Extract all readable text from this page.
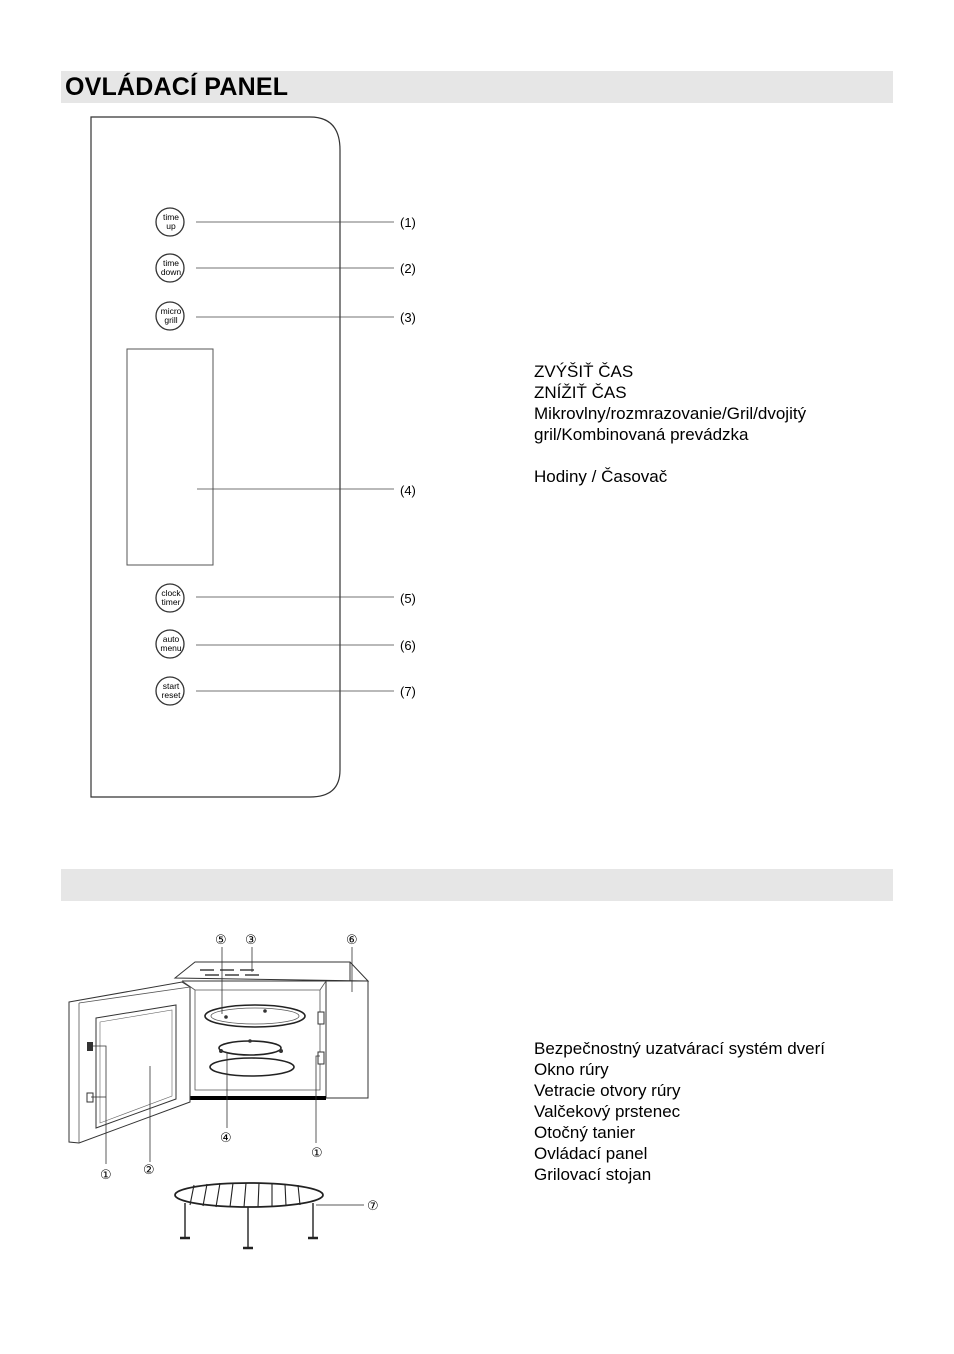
OVLÁDACÍ PANEL
time
up	(1)
time
down	(2)
micro
grill	(3)
(4)
clock
timer	(5)
auto
menu	(6)
start
reset	(7)
ZVÝŠIŤ ČAS
ZNÍŽIŤ ČAS
Mikrovlny/rozmrazovanie/Gril/dvojitý
gril/Kombinovaná prevádzka
Hodiny / Časovač
⑤ ③	⑥
④
①
②
①
⑦
Bezpečnostný uzatvárací systém dverí
Okno rúry
Vetracie otvory rúry
Valčekový prstenec
Otočný tanier
Ovládací panel
Grilovací stojan
